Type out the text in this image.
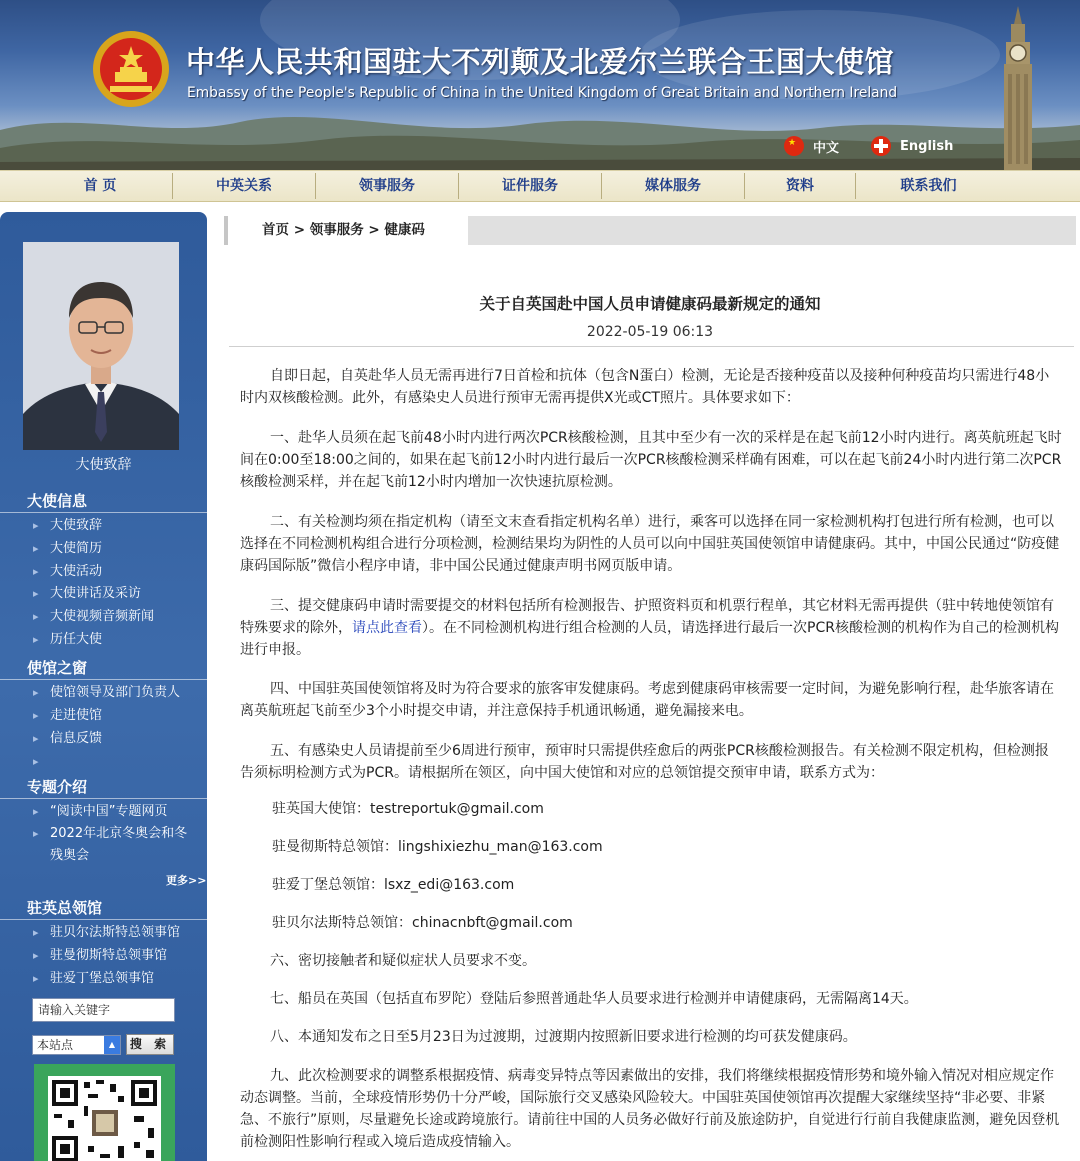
中华人民共和国驻大不列颠及北爱尔兰联合王国大使馆
Embassy of the People's Republic of China in the United Kingdom of Great Britain and Northern Ireland
★ 中文	English
首 页	中英关系	领事服务	证件服务	媒体服务	资料	联系我们
大使致辞
大使信息
▸ 大使致辞
▸ 大使简历
▸ 大使活动
▸ 大使讲话及采访
▸ 大使视频音频新闻
▸ 历任大使
使馆之窗
▸ 使馆领导及部门负责人
▸ 走进使馆
▸ 信息反馈
专题介绍
▸ “阅读中国”专题网页
▸ 2022年北京冬奥会和冬残奥会
更多>>
驻英总领馆
▸ 驻贝尔法斯特总领事馆
▸ 驻曼彻斯特总领事馆
▸ 驻爱丁堡总领事馆
请输入关键字
本站点	▲	搜 索
首页 > 领事服务 > 健康码
关于自英国赴中国人员申请健康码最新规定的通知
2022-05-19 06:13
自即日起，自英赴华人员无需再进行7日首检和抗体（包含N蛋白）检测，无论是否接种疫苗以及接种何种疫苗均只需进行48小时内双核酸检测。此外，有感染史人员进行预审无需再提供X光或CT照片。具体要求如下：
一、赴华人员须在起飞前48小时内进行两次PCR核酸检测，且其中至少有一次的采样是在起飞前12小时内进行。离英航班起飞时间在0:00至18:00之间的，如果在起飞前12小时内进行最后一次PCR核酸检测采样确有困难，可以在起飞前24小时内进行第二次PCR核酸检测采样，并在起飞前12小时内增加一次快速抗原检测。
二、有关检测均须在指定机构（请至文末查看指定机构名单）进行，乘客可以选择在同一家检测机构打包进行所有检测，也可以选择在不同检测机构组合进行分项检测，检测结果均为阴性的人员可以向中国驻英国使领馆申请健康码。其中，中国公民通过“防疫健康码国际版”微信小程序申请，非中国公民通过健康声明书网页版申请。
三、提交健康码申请时需要提交的材料包括所有检测报告、护照资料页和机票行程单，其它材料无需再提供（驻中转地使领馆有特殊要求的除外，请点此查看）。在不同检测机构进行组合检测的人员，请选择进行最后一次PCR核酸检测的机构作为自己的检测机构进行申报。
四、中国驻英国使领馆将及时为符合要求的旅客审发健康码。考虑到健康码审核需要一定时间，为避免影响行程，赴华旅客请在离英航班起飞前至少3个小时提交申请，并注意保持手机通讯畅通，避免漏接来电。
五、有感染史人员请提前至少6周进行预审，预审时只需提供痊愈后的两张PCR核酸检测报告。有关检测不限定机构，但检测报告须标明检测方式为PCR。请根据所在领区，向中国大使馆和对应的总领馆提交预审申请，联系方式为：
驻英国大使馆：testreportuk@gmail.com
驻曼彻斯特总领馆：lingshixiezhu_man@163.com
驻爱丁堡总领馆：lsxz_edi@163.com
驻贝尔法斯特总领馆：chinacnbft@gmail.com
六、密切接触者和疑似症状人员要求不变。
七、船员在英国（包括直布罗陀）登陆后参照普通赴华人员要求进行检测并申请健康码，无需隔离14天。
八、本通知发布之日至5月23日为过渡期，过渡期内按照新旧要求进行检测的均可获发健康码。
九、此次检测要求的调整系根据疫情、病毒变异特点等因素做出的安排，我们将继续根据疫情形势和境外输入情况对相应规定作动态调整。当前，全球疫情形势仍十分严峻，国际旅行交叉感染风险较大。中国驻英国使领馆再次提醒大家继续坚持“非必要、非紧急、不旅行”原则，尽量避免长途或跨境旅行。请前往中国的人员务必做好行前及旅途防护，自觉进行行前自我健康监测，避免因登机前检测阳性影响行程或入境后造成疫情输入。
